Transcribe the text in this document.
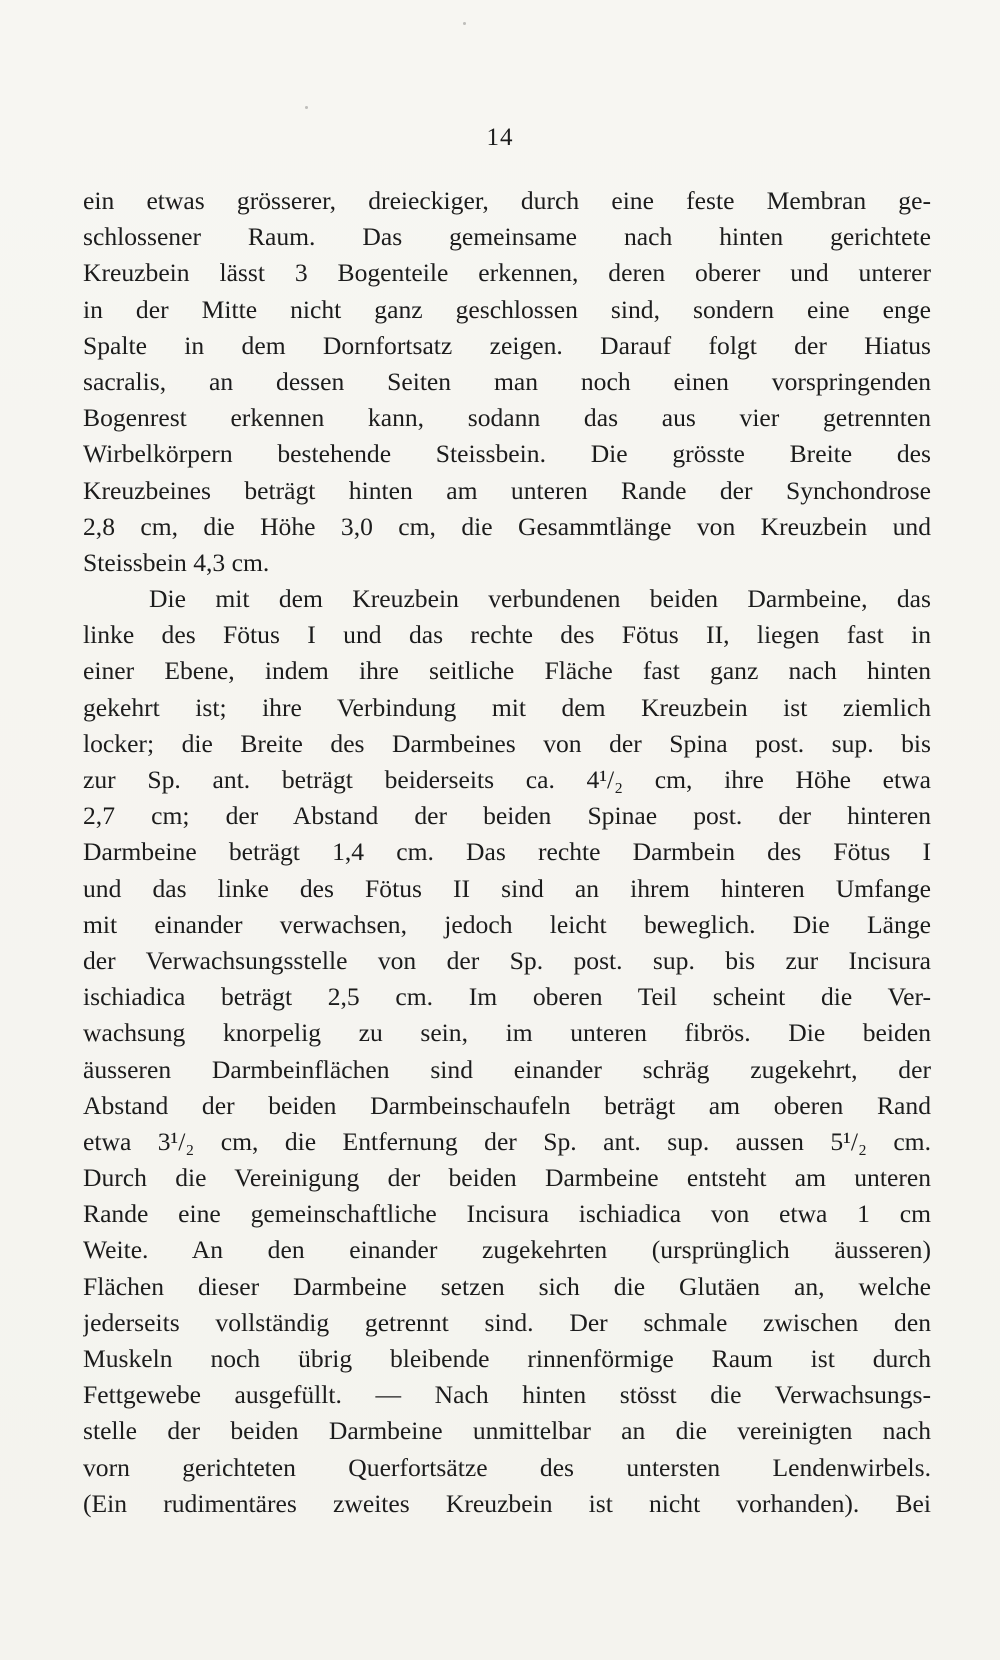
14
ein etwas grösserer, dreieckiger, durch eine feste Membran ge-
schlossener Raum. Das gemeinsame nach hinten gerichtete
Kreuzbein lässt 3 Bogenteile erkennen, deren oberer und unterer
in der Mitte nicht ganz geschlossen sind, sondern eine enge
Spalte in dem Dornfortsatz zeigen. Darauf folgt der Hiatus
sacralis, an dessen Seiten man noch einen vorspringenden
Bogenrest erkennen kann, sodann das aus vier getrennten
Wirbelkörpern bestehende Steissbein. Die grösste Breite des
Kreuzbeines beträgt hinten am unteren Rande der Synchondrose
2,8 cm, die Höhe 3,0 cm, die Gesammtlänge von Kreuzbein und
Steissbein 4,3 cm.
Die mit dem Kreuzbein verbundenen beiden Darmbeine, das
linke des Fötus I und das rechte des Fötus II, liegen fast in
einer Ebene, indem ihre seitliche Fläche fast ganz nach hinten
gekehrt ist; ihre Verbindung mit dem Kreuzbein ist ziemlich
locker; die Breite des Darmbeines von der Spina post. sup. bis
zur Sp. ant. beträgt beiderseits ca. 4¹/₂ cm, ihre Höhe etwa
2,7 cm; der Abstand der beiden Spinae post. der hinteren
Darmbeine beträgt 1,4 cm. Das rechte Darmbein des Fötus I
und das linke des Fötus II sind an ihrem hinteren Umfange
mit einander verwachsen, jedoch leicht beweglich. Die Länge
der Verwachsungsstelle von der Sp. post. sup. bis zur Incisura
ischiadica beträgt 2,5 cm. Im oberen Teil scheint die Ver-
wachsung knorpelig zu sein, im unteren fibrös. Die beiden
äusseren Darmbeinflächen sind einander schräg zugekehrt, der
Abstand der beiden Darmbeinschaufeln beträgt am oberen Rand
etwa 3¹/₂ cm, die Entfernung der Sp. ant. sup. aussen 5¹/₂ cm.
Durch die Vereinigung der beiden Darmbeine entsteht am unteren
Rande eine gemeinschaftliche Incisura ischiadica von etwa 1 cm
Weite. An den einander zugekehrten (ursprünglich äusseren)
Flächen dieser Darmbeine setzen sich die Glutäen an, welche
jederseits vollständig getrennt sind. Der schmale zwischen den
Muskeln noch übrig bleibende rinnenförmige Raum ist durch
Fettgewebe ausgefüllt. — Nach hinten stösst die Verwachsungs-
stelle der beiden Darmbeine unmittelbar an die vereinigten nach
vorn gerichteten Querfortsätze des untersten Lendenwirbels.
(Ein rudimentäres zweites Kreuzbein ist nicht vorhanden). Bei
